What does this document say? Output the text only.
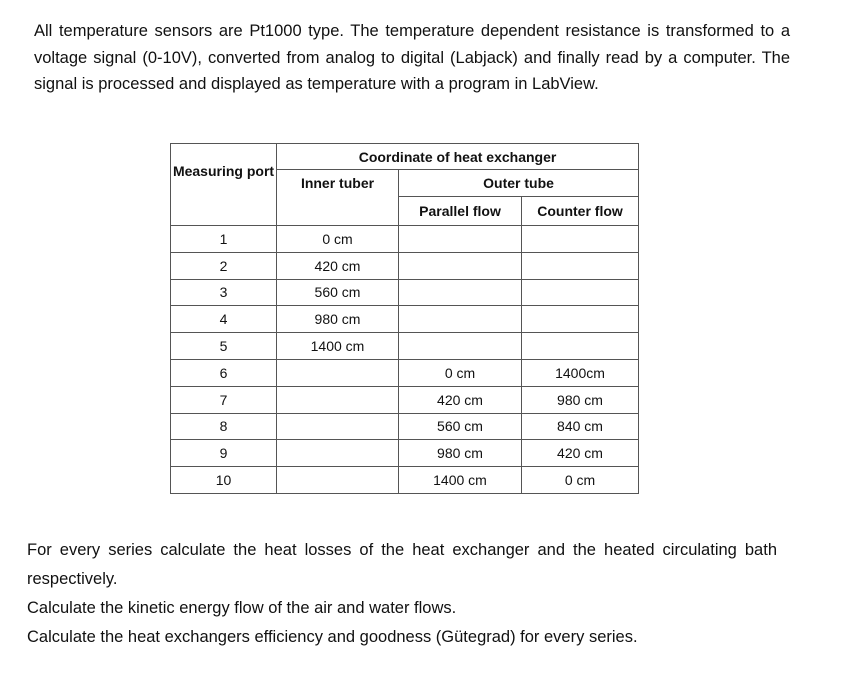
All temperature sensors are Pt1000 type. The temperature dependent resistance is transformed to a voltage signal (0-10V), converted from analog to digital (Labjack) and finally read by a computer. The signal is processed and displayed as temperature with a program in LabView.

Measuring port	Coordinate of heat exchanger		
	Inner tuber	Outer tube	
		Parallel flow	Counter flow
1	0 cm		
2	420 cm		
3	560 cm		
4	980 cm		
5	1400 cm		
6		0 cm	1400cm
7		420 cm	980 cm
8		560 cm	840 cm
9		980 cm	420 cm
10		1400 cm	0 cm
For every series calculate the heat losses of the heat exchanger and the heated circulating bath respectively.
Calculate the kinetic energy flow of the air and water flows.
Calculate the heat exchangers efficiency and goodness (Gütegrad) for every series.
